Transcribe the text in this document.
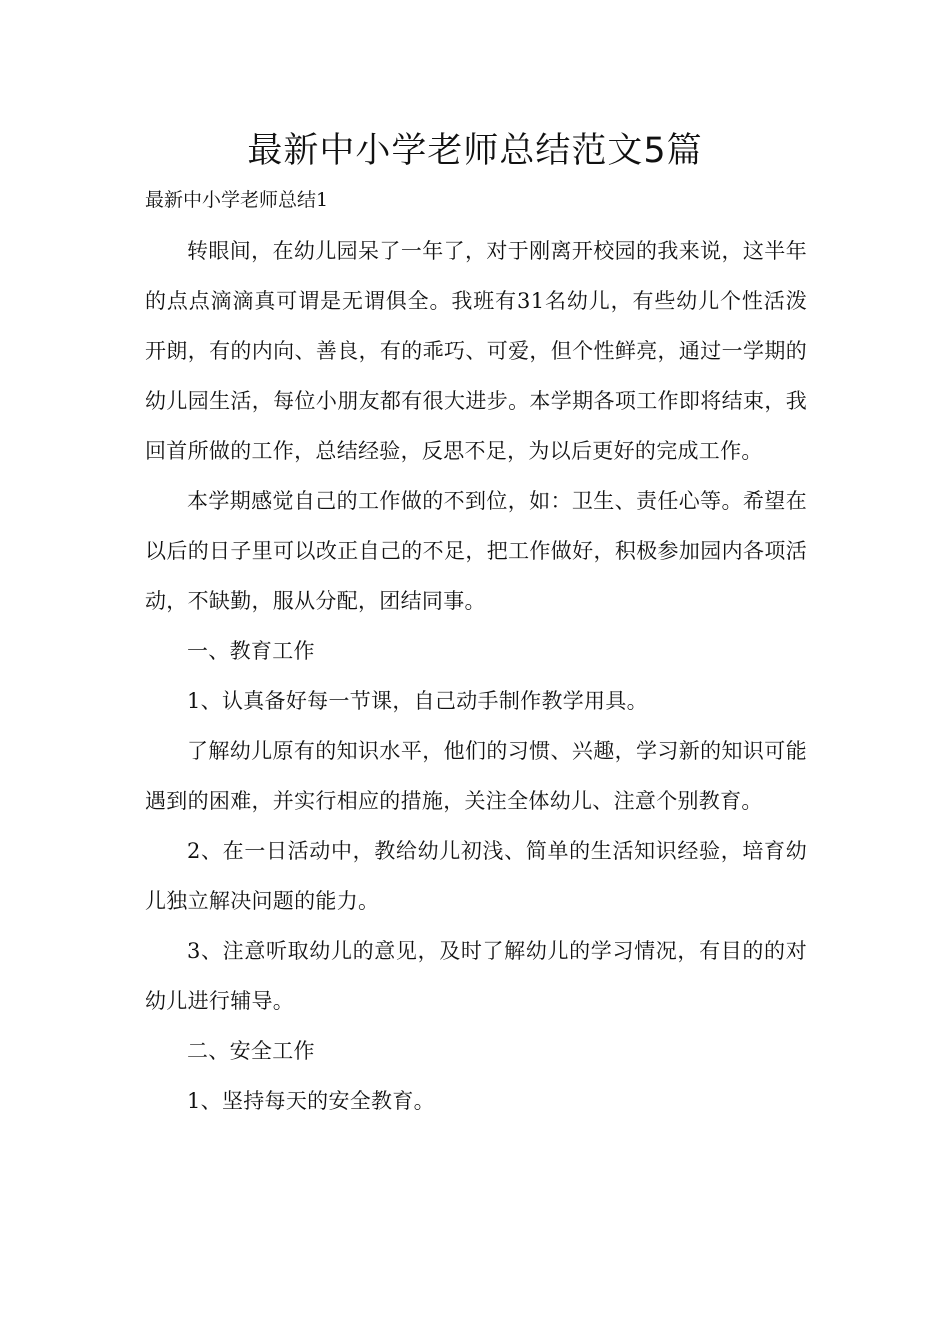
最新中小学老师总结范文5篇
最新中小学老师总结1

转眼间，在幼儿园呆了一年了，对于刚离开校园的我来说，这半年的点点滴滴真可谓是无谓俱全。我班有31名幼儿，有些幼儿个性活泼开朗，有的内向、善良，有的乖巧、可爱，但个性鲜亮，通过一学期的幼儿园生活，每位小朋友都有很大进步。本学期各项工作即将结束，我回首所做的工作，总结经验，反思不足，为以后更好的完成工作。

本学期感觉自己的工作做的不到位，如：卫生、责任心等。希望在以后的日子里可以改正自己的不足，把工作做好，积极参加园内各项活动，不缺勤，服从分配，团结同事。

一、教育工作

1、认真备好每一节课，自己动手制作教学用具。

了解幼儿原有的知识水平，他们的习惯、兴趣，学习新的知识可能遇到的困难，并实行相应的措施，关注全体幼儿、注意个别教育。

2、在一日活动中，教给幼儿初浅、简单的生活知识经验，培育幼儿独立解决问题的能力。

3、注意听取幼儿的意见，及时了解幼儿的学习情况，有目的的对幼儿进行辅导。

二、安全工作

1、坚持每天的安全教育。
